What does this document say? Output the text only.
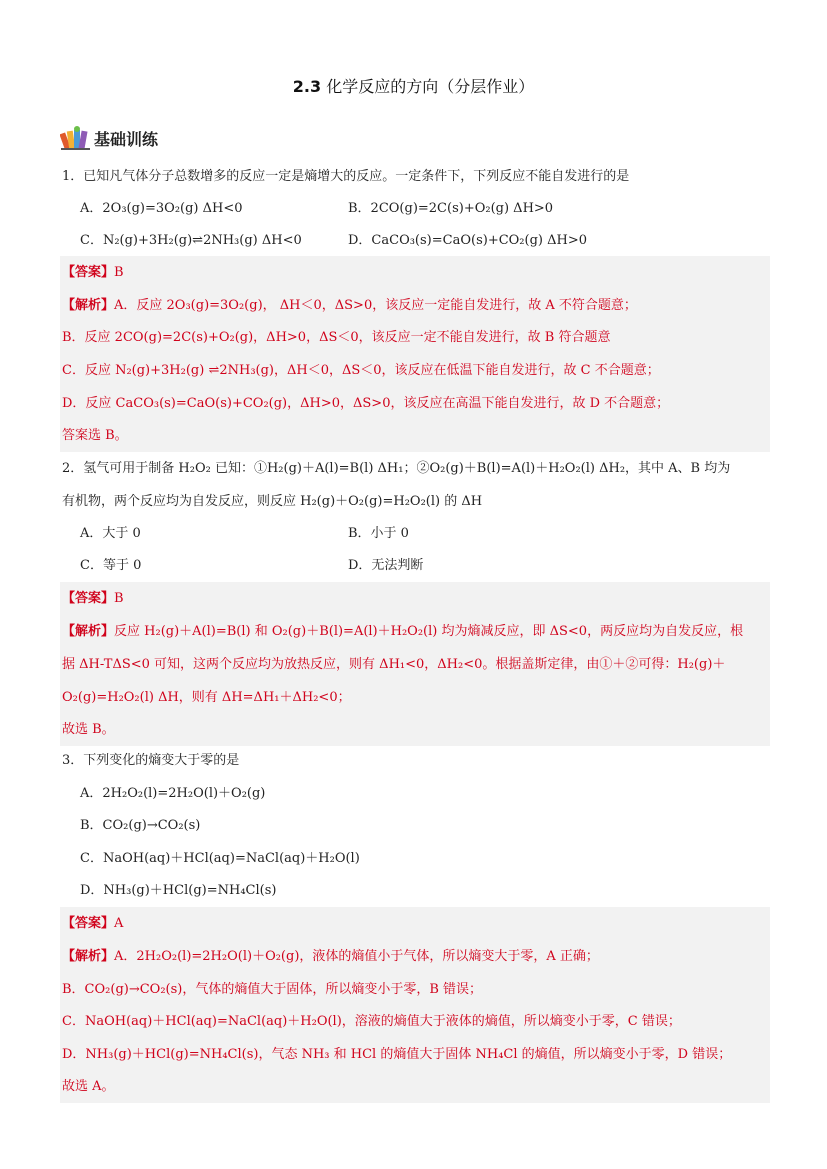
2.3 化学反应的方向（分层作业）
基础训练
1．已知凡气体分子总数增多的反应一定是熵增大的反应。一定条件下，下列反应不能自发进行的是
A．2O₃(g)=3O₂(g) ΔH<0	B．2CO(g)=2C(s)+O₂(g) ΔH>0
C．N₂(g)+3H₂(g)⇌2NH₃(g) ΔH<0	D．CaCO₃(s)=CaO(s)+CO₂(g) ΔH>0
【答案】B
【解析】A．反应 2O₃(g)=3O₂(g)， ΔH＜0，ΔS>0，该反应一定能自发进行，故 A 不符合题意；
B．反应 2CO(g)=2C(s)+O₂(g)，ΔH>0，ΔS＜0，该反应一定不能自发进行，故 B 符合题意
C．反应 N₂(g)+3H₂(g) ⇌2NH₃(g)，ΔH＜0，ΔS＜0，该反应在低温下能自发进行，故 C 不合题意；
D．反应 CaCO₃(s)=CaO(s)+CO₂(g)，ΔH>0，ΔS>0，该反应在高温下能自发进行，故 D 不合题意；
答案选 B。
2．氢气可用于制备 H₂O₂ 已知：①H₂(g)＋A(l)=B(l) ΔH₁；②O₂(g)＋B(l)=A(l)＋H₂O₂(l) ΔH₂，其中 A、B 均为
有机物，两个反应均为自发反应，则反应 H₂(g)＋O₂(g)=H₂O₂(l) 的 ΔH
A．大于 0	B．小于 0
C．等于 0	D．无法判断
【答案】B
【解析】反应 H₂(g)＋A(l)=B(l) 和 O₂(g)＋B(l)=A(l)＋H₂O₂(l) 均为熵减反应，即 ΔS<0，两反应均为自发反应，根
据 ΔH-TΔS<0 可知，这两个反应均为放热反应，则有 ΔH₁<0，ΔH₂<0。根据盖斯定律，由①＋②可得：H₂(g)＋
O₂(g)=H₂O₂(l) ΔH，则有 ΔH=ΔH₁＋ΔH₂<0；
故选 B。
3．下列变化的熵变大于零的是
A．2H₂O₂(l)=2H₂O(l)＋O₂(g)
B．CO₂(g)→CO₂(s)
C．NaOH(aq)＋HCl(aq)=NaCl(aq)＋H₂O(l)
D．NH₃(g)＋HCl(g)=NH₄Cl(s)
【答案】A
【解析】A．2H₂O₂(l)=2H₂O(l)＋O₂(g)，液体的熵值小于气体，所以熵变大于零，A 正确；
B．CO₂(g)→CO₂(s)，气体的熵值大于固体，所以熵变小于零，B 错误；
C．NaOH(aq)＋HCl(aq)=NaCl(aq)＋H₂O(l)，溶液的熵值大于液体的熵值，所以熵变小于零，C 错误；
D．NH₃(g)＋HCl(g)=NH₄Cl(s)，气态 NH₃ 和 HCl 的熵值大于固体 NH₄Cl 的熵值，所以熵变小于零，D 错误；
故选 A。
